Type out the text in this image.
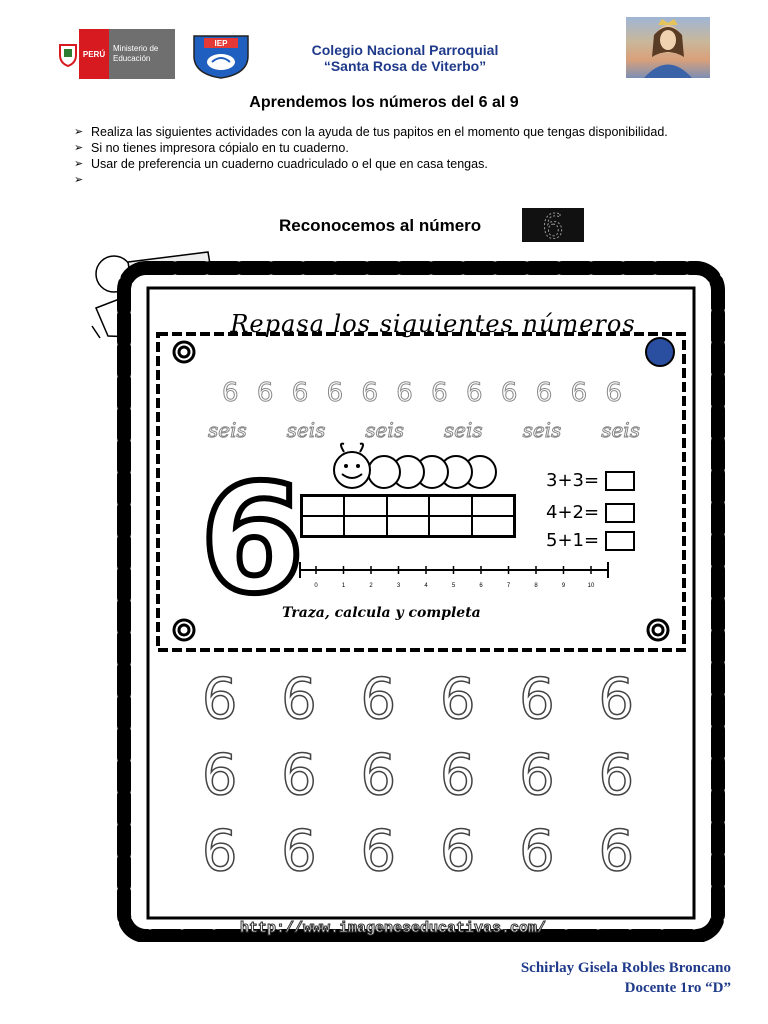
PERÚ
Ministerio de Educación
IEP	Colegio Nacional Parroquial
“Santa Rosa de Viterbo”
Aprendemos los números del 6 al 9
➢ Realiza las siguientes actividades con la ayuda de tus papitos en el momento que tengas disponibilidad.
➢ Si no tienes impresora cópialo en tu cuaderno.
➢ Usar de preferencia un cuaderno cuadriculado o el que en casa tengas.
➢
Reconocemos al número 6
Repasa los siguientes números
6 6 6 6 6 6 6 6 6 6 6 6
seis seis seis seis seis seis
6	3+3=
4+2=
5+1=
0	1	2	3	4	5	6	7	8	9	10
Traza, calcula y completa
6 6 6 6 6 6
6 6 6 6 6 6
6 6 6 6 6 6
http://www.imageneseducativas.com/
Schirlay Gisela Robles Broncano
Docente 1ro “D”
